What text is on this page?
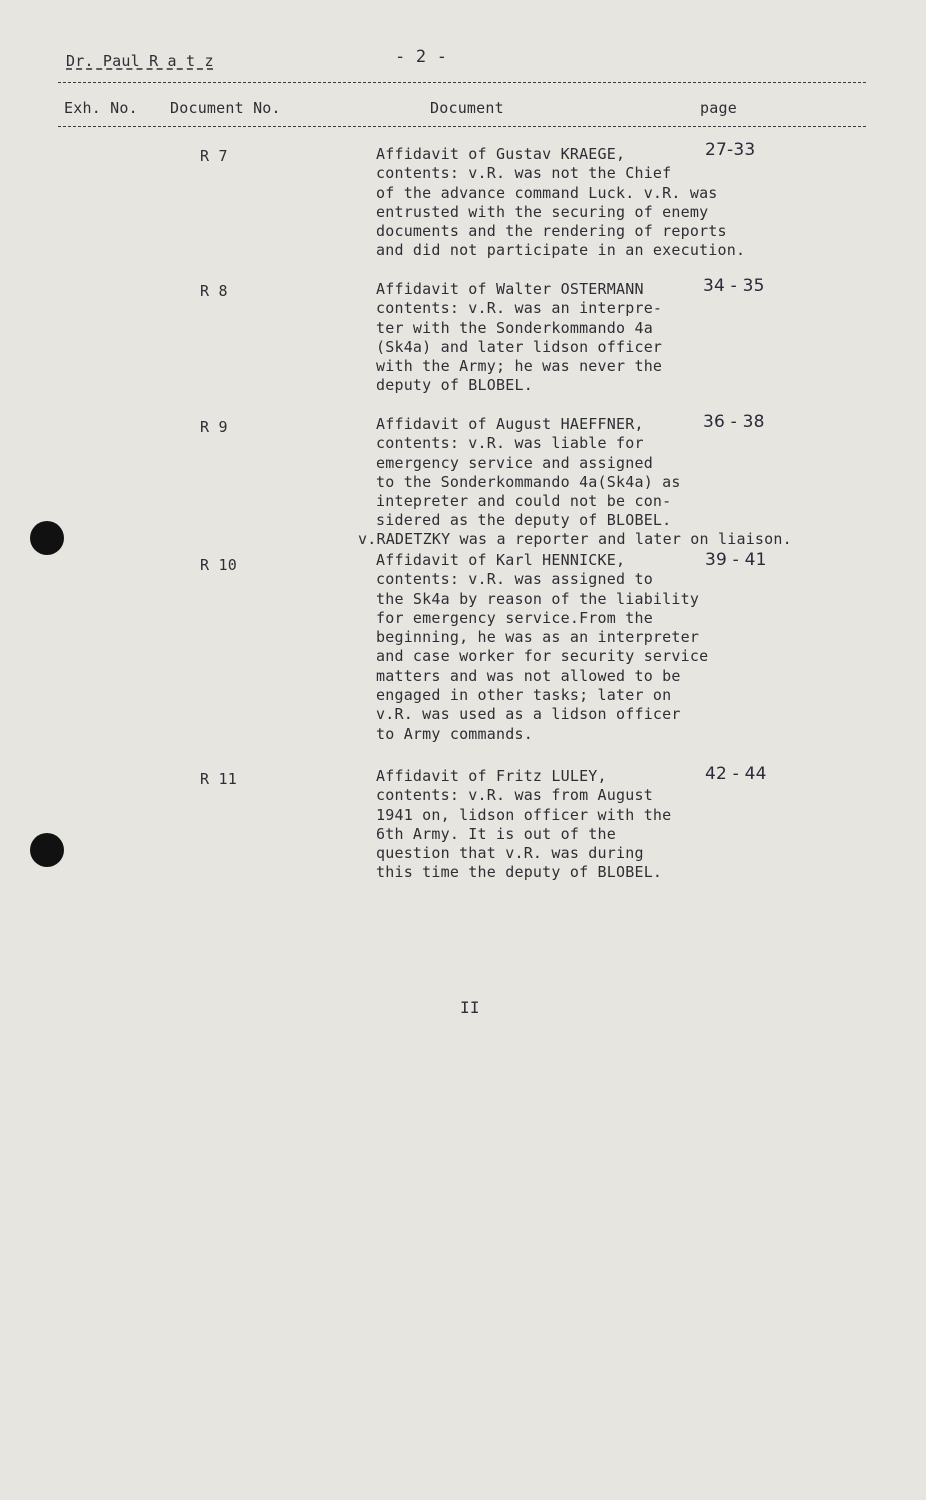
Dr. Paul R a t z	- 2 -
Exh. No. Document No.	Document	page
R 7	Affidavit of Gustav KRAEGE,
contents: v.R. was not the Chief
of the advance command Luck. v.R. was
entrusted with the securing of enemy
documents and the rendering of reports
and did not participate in an execution.
27-33
R 8	Affidavit of Walter OSTERMANN
contents: v.R. was an interpre-
ter with the Sonderkommando 4a
(Sk4a) and later lidson officer
with the Army; he was never the
deputy of BLOBEL.
34 - 35
R 9	Affidavit of August HAEFFNER,
contents: v.R. was liable for
emergency service and assigned
to the Sonderkommando 4a(Sk4a) as
intepreter and could not be con-
sidered as the deputy of BLOBEL.
36 - 38
v.RADETZKY was a reporter and later on liaison.
R 10	Affidavit of Karl HENNICKE,
contents: v.R. was assigned to
the Sk4a by reason of the liability
for emergency service.From the
beginning, he was as an interpreter
and case worker for security service
matters and was not allowed to be
engaged in other tasks; later on
v.R. was used as a lidson officer
to Army commands.
39 - 41
R 11	Affidavit of Fritz LULEY,
contents: v.R. was from August
1941 on, lidson officer with the
6th Army. It is out of the
question that v.R. was during
this time the deputy of BLOBEL.
42 - 44
II
